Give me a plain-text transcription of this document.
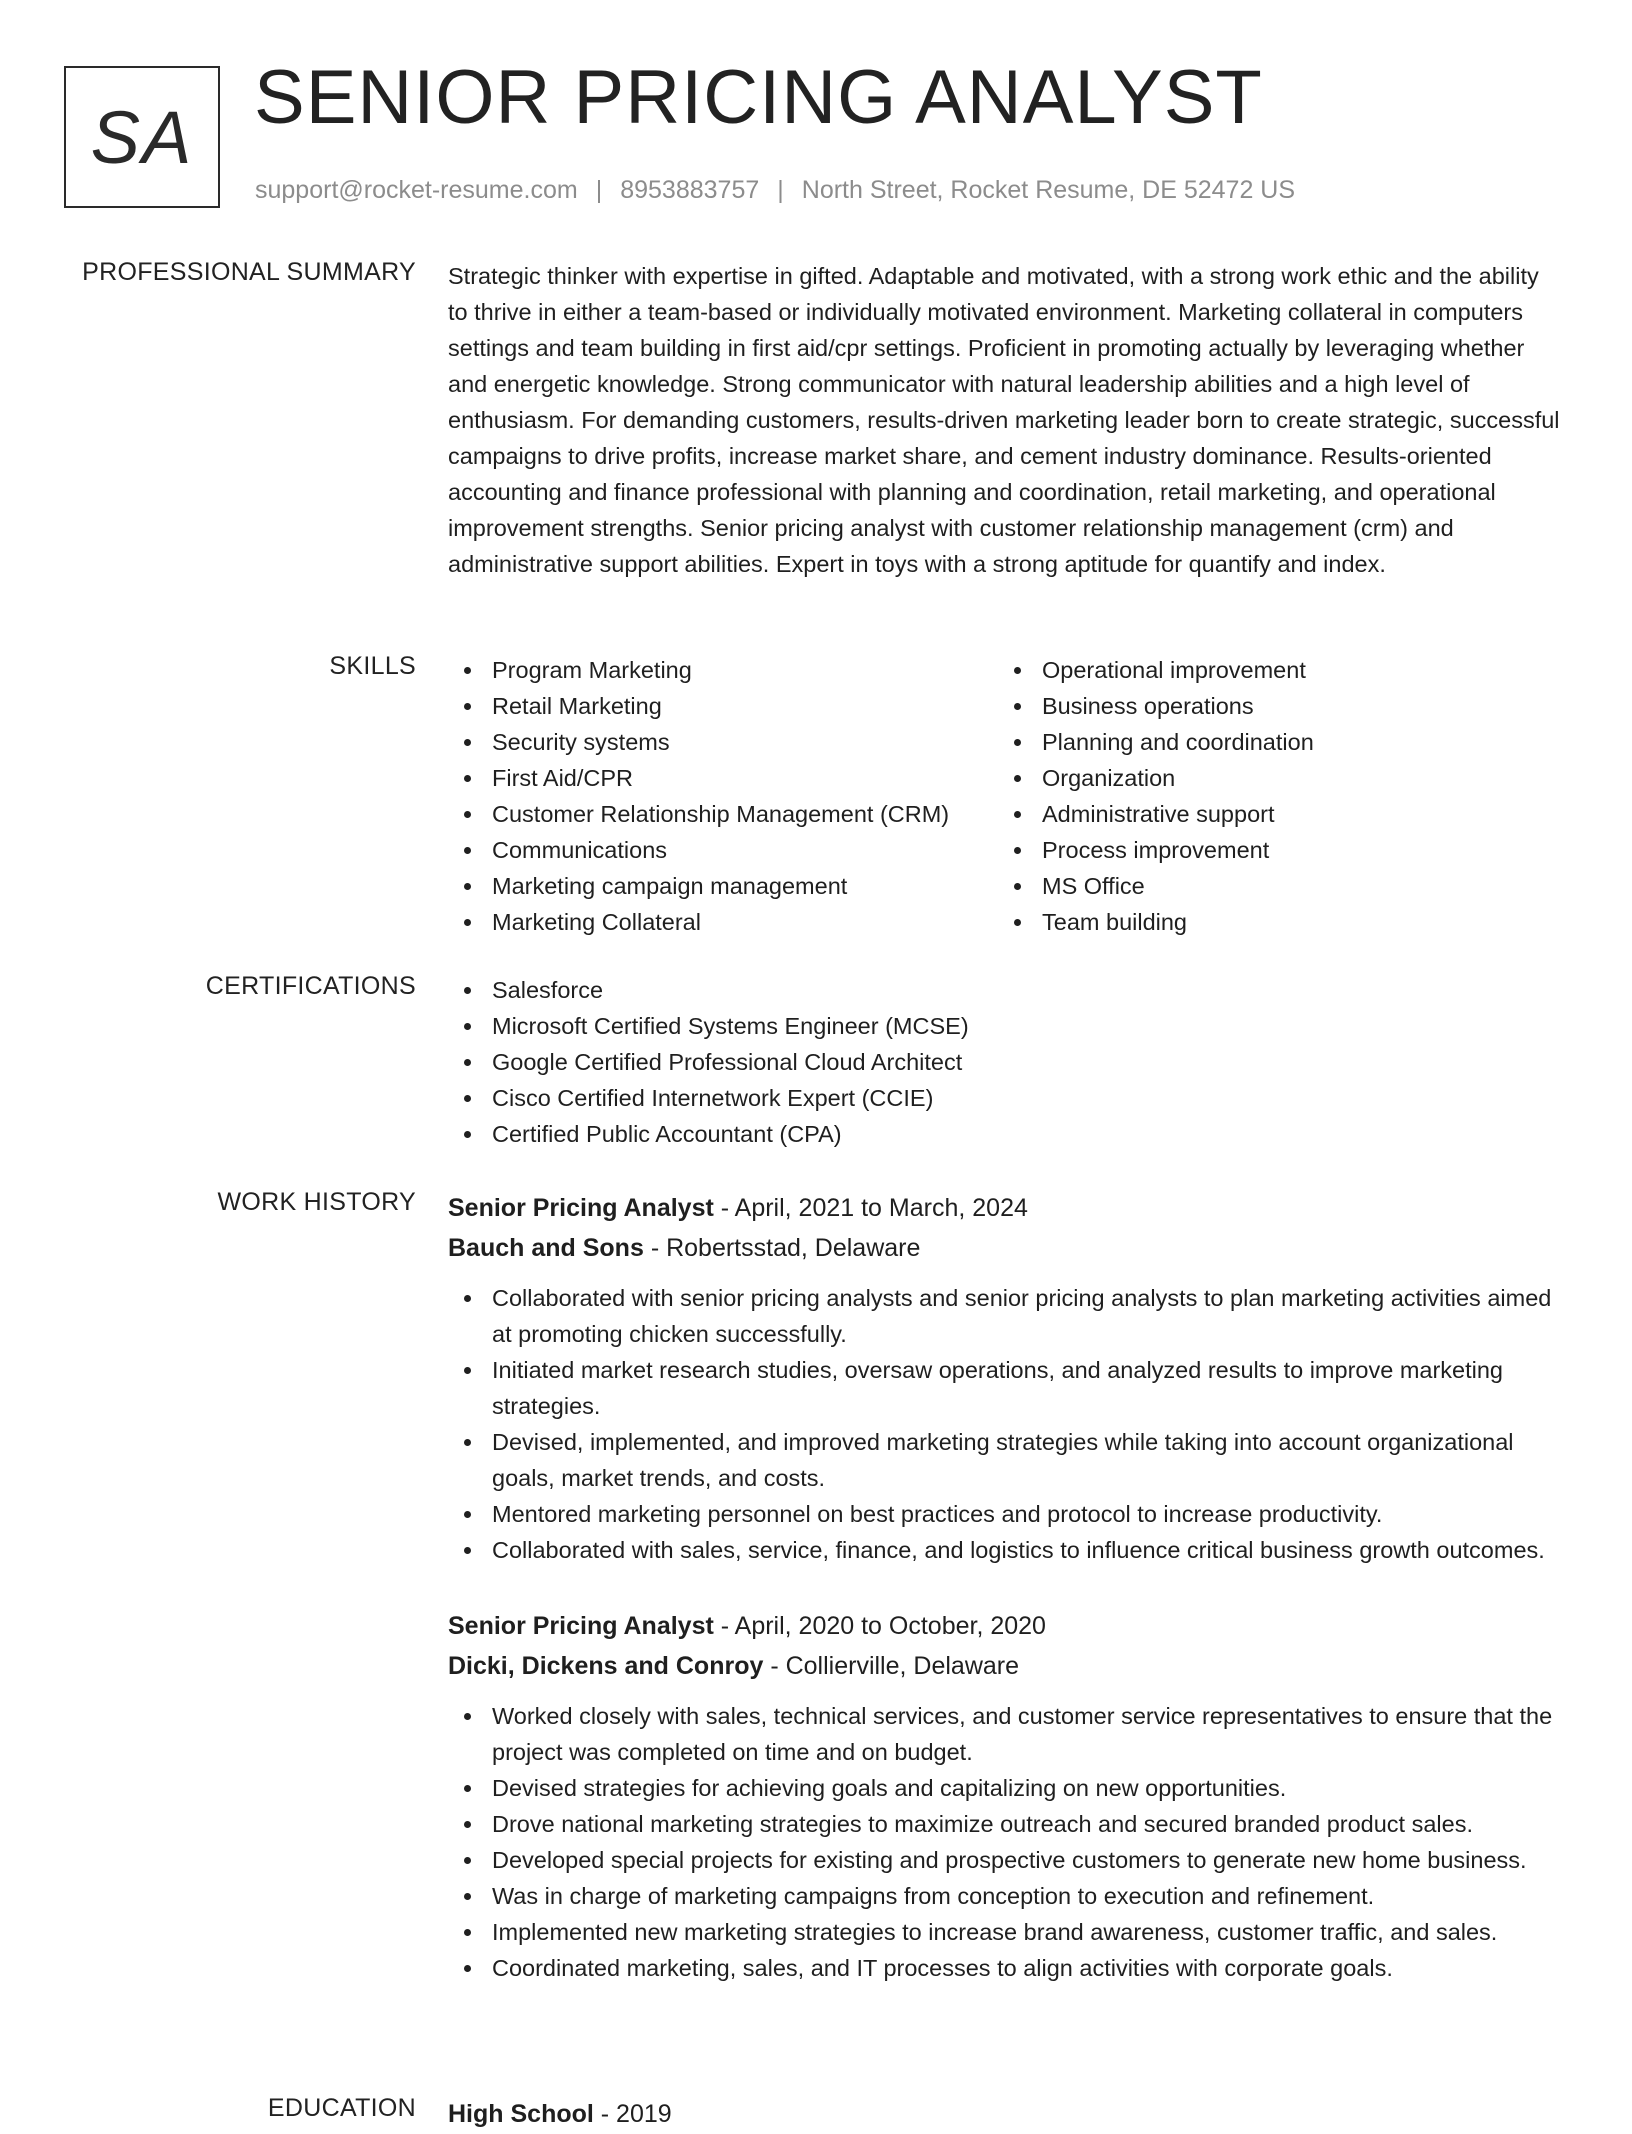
SA SENIOR PRICING ANALYST
support@rocket-resume.com | 8953883757 | North Street, Rocket Resume, DE 52472 US
PROFESSIONAL SUMMARY Strategic thinker with expertise in gifted. Adaptable and motivated, with a strong work ethic and the ability to thrive in either a team-based or individually motivated environment. Marketing collateral in computers settings and team building in first aid/cpr settings. Proficient in promoting actually by leveraging whether and energetic knowledge. Strong communicator with natural leadership abilities and a high level of enthusiasm. For demanding customers, results-driven marketing leader born to create strategic, successful campaigns to drive profits, increase market share, and cement industry dominance. Results-oriented accounting and finance professional with planning and coordination, retail marketing, and operational improvement strengths. Senior pricing analyst with customer relationship management (crm) and administrative support abilities. Expert in toys with a strong aptitude for quantify and index.

SKILLS	Program Marketing
Retail Marketing
Security systems
First Aid/CPR
Customer Relationship Management (CRM)
Communications
Marketing campaign management
Marketing Collateral
Operational improvement
Business operations
Planning and coordination
Organization
Administrative support
Process improvement
MS Office
Team building
CERTIFICATIONS	Salesforce
Microsoft Certified Systems Engineer (MCSE)
Google Certified Professional Cloud Architect
Cisco Certified Internetwork Expert (CCIE)
Certified Public Accountant (CPA)
WORK HISTORY Senior Pricing Analyst - April, 2021 to March, 2024
Bauch and Sons - Robertsstad, Delaware
Collaborated with senior pricing analysts and senior pricing analysts to plan marketing activities aimed at promoting chicken successfully.
Initiated market research studies, oversaw operations, and analyzed results to improve marketing strategies.
Devised, implemented, and improved marketing strategies while taking into account organizational goals, market trends, and costs.
Mentored marketing personnel on best practices and protocol to increase productivity.
Collaborated with sales, service, finance, and logistics to influence critical business growth outcomes.
Senior Pricing Analyst - April, 2020 to October, 2020
Dicki, Dickens and Conroy - Collierville, Delaware
Worked closely with sales, technical services, and customer service representatives to ensure that the project was completed on time and on budget.
Devised strategies for achieving goals and capitalizing on new opportunities.
Drove national marketing strategies to maximize outreach and secured branded product sales.
Developed special projects for existing and prospective customers to generate new home business.
Was in charge of marketing campaigns from conception to execution and refinement.
Implemented new marketing strategies to increase brand awareness, customer traffic, and sales.
Coordinated marketing, sales, and IT processes to align activities with corporate goals.
EDUCATION High School - 2019
